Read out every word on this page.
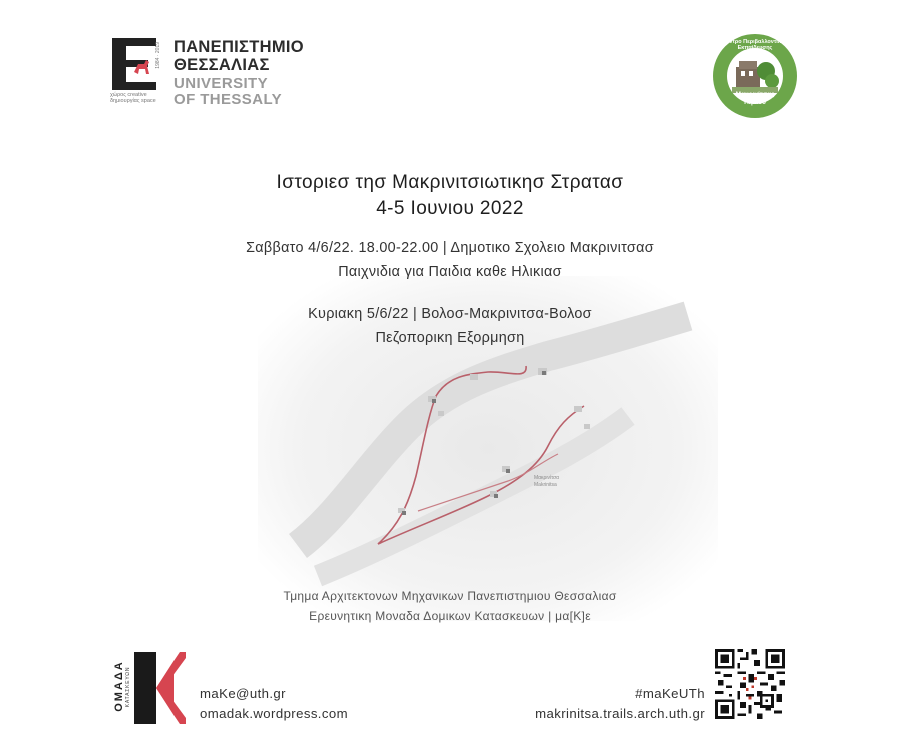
ΠΑΝΕΠΙΣΤΗΜΙΟ
ΘΕΣΣΑΛΙΑΣ
UNIVERSITY
OF THESSALY
1984 · 2019
χώρος creative
δημιουργίας space
Μακρινίτσας
Πηλίου
Κέντρο Περιβαλλοντικής Εκπαίδευσης
Ιστοριεσ τησ Μακρινιτσιωτικησ Στρατασ
4-5 Ιουνιου 2022
Μακρινίτσα
Makrinitsa
Σαββατο 4/6/22. 18.00-22.00 | Δημοτικο Σχολειο Μακρινιτσασ
Παιχνιδια για Παιδια καθε Ηλικιασ
Κυριακη 5/6/22 | Βολοσ-Μακρινιτσα-Βολοσ
Πεζοπορικη Εξορμηση
Τμημα Αρχιτεκτονων Μηχανικων Πανεπιστημιου Θεσσαλιασ
Ερευνητικη Μοναδα Δομικων Κατασκευων | μα[Κ]ε
ΟΜΑΔΑ ΚΑΤΑΣΚΕΥΩΝ	maKe@uth.gr
omadak.wordpress.com
#maKeUTh
makrinitsa.trails.arch.uth.gr
